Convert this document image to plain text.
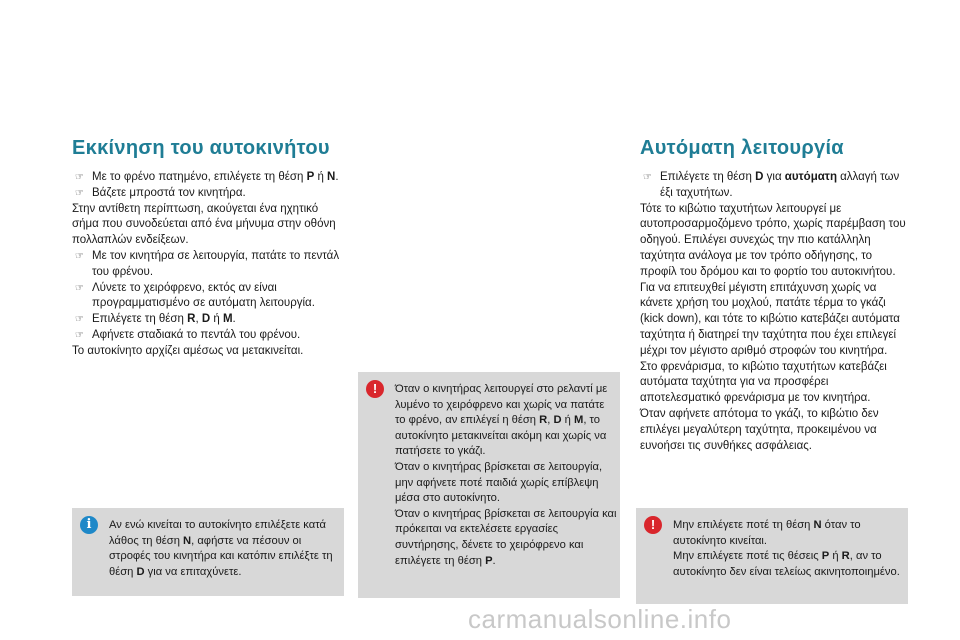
Εκκίνηση του αυτοκινήτου
☞ Με το φρένο πατημένο, επιλέγετε τη θέση P ή N.
☞ Βάζετε μπροστά τον κινητήρα.
Στην αντίθετη περίπτωση, ακούγεται ένα ηχητικό σήμα που συνοδεύεται από ένα μήνυμα στην οθόνη πολλαπλών ενδείξεων.
☞ Με τον κινητήρα σε λειτουργία, πατάτε το πεντάλ του φρένου.
☞ Λύνετε το χειρόφρενο, εκτός αν είναι προγραμματισμένο σε αυτόματη λειτουργία.
☞ Επιλέγετε τη θέση R, D ή M.
☞ Αφήνετε σταδιακά το πεντάλ του φρένου.
Το αυτοκίνητο αρχίζει αμέσως να μετακινείται.
i	Αν ενώ κινείται το αυτοκίνητο επιλέξετε κατά λάθος τη θέση N, αφήστε να πέσουν οι στροφές του κινητήρα και κατόπιν επιλέξτε τη θέση D για να επιταχύνετε.
!	Όταν ο κινητήρας λειτουργεί στο ρελαντί με λυμένο το χειρόφρενο και χωρίς να πατάτε το φρένο, αν επιλέγεί η θέση R, D ή M, το αυτοκίνητο μετακινείται ακόμη και χωρίς να πατήσετε το γκάζι.
Όταν ο κινητήρας βρίσκεται σε λειτουργία, μην αφήνετε ποτέ παιδιά χωρίς επίβλεψη μέσα στο αυτοκίνητο.
Όταν ο κινητήρας βρίσκεται σε λειτουργία και πρόκειται να εκτελέσετε εργασίες συντήρησης, δένετε το χειρόφρενο και επιλέγετε τη θέση P.
Αυτόματη λειτουργία
☞ Επιλέγετε τη θέση D για αυτόματη αλλαγή των έξι ταχυτήτων.
Τότε το κιβώτιο ταχυτήτων λειτουργεί με αυτοπροσαρμοζόμενο τρόπο, χωρίς παρέμβαση του οδηγού. Επιλέγει συνεχώς την πιο κατάλληλη ταχύτητα ανάλογα με τον τρόπο οδήγησης, το προφίλ του δρόμου και το φορτίο του αυτοκινήτου.
Για να επιτευχθεί μέγιστη επιτάχυνση χωρίς να κάνετε χρήση του μοχλού, πατάτε τέρμα το γκάζι (kick down), και τότε το κιβώτιο κατεβάζει αυτόματα ταχύτητα ή διατηρεί την ταχύτητα που έχει επιλεγεί μέχρι τον μέγιστο αριθμό στροφών του κινητήρα.
Στο φρενάρισμα, το κιβώτιο ταχυτήτων κατεβάζει αυτόματα ταχύτητα για να προσφέρει αποτελεσματικό φρενάρισμα με τον κινητήρα.
Όταν αφήνετε απότομα το γκάζι, το κιβώτιο δεν επιλέγει μεγαλύτερη ταχύτητα, προκειμένου να ευνοήσει τις συνθήκες ασφάλειας.
!	Μην επιλέγετε ποτέ τη θέση N όταν το αυτοκίνητο κινείται.
Μην επιλέγετε ποτέ τις θέσεις P ή R, αν το αυτοκίνητο δεν είναι τελείως ακινητοποιημένο.
carmanualsonline.info
